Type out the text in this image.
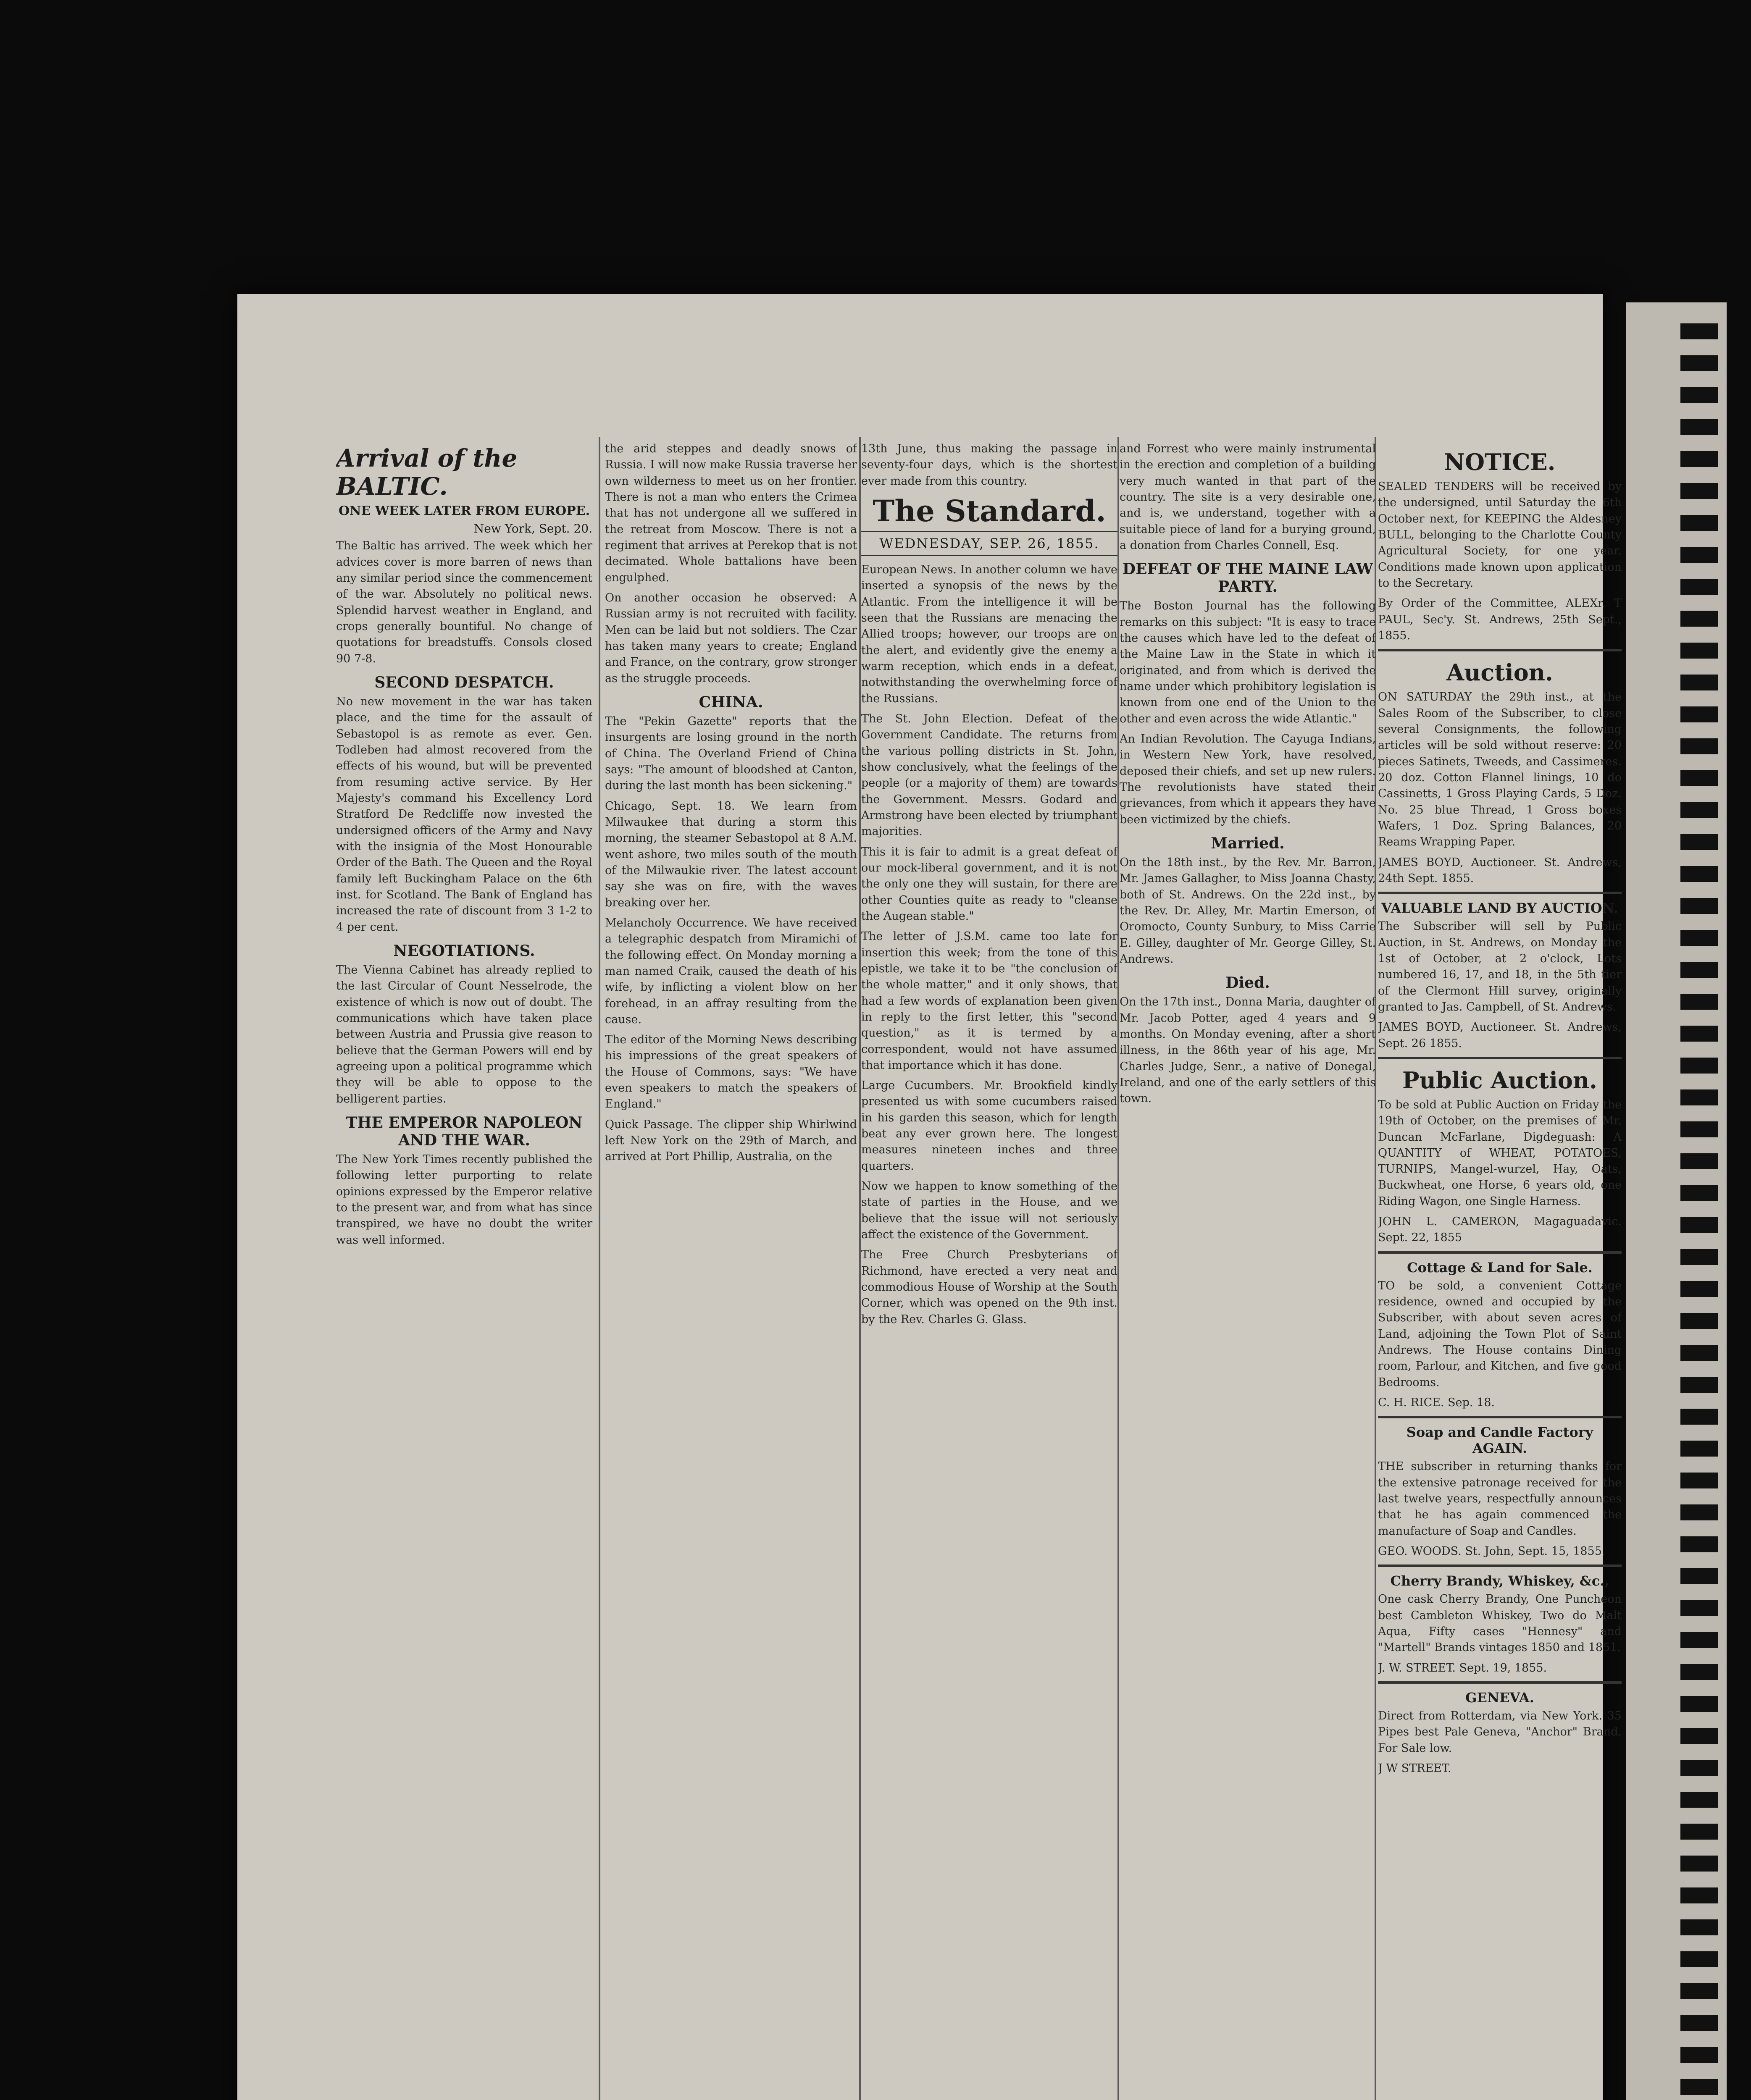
Arrival of the BALTIC.
ONE WEEK LATER FROM EUROPE.
New York, Sept. 20.

The Baltic has arrived. The week which her advices cover is more barren of news than any similar period since the commencement of the war. Absolutely no political news. Splendid harvest weather in England, and crops generally bountiful. No change of quotations for breadstuffs. Consols closed 90 7-8.

SECOND DESPATCH.

No new movement in the war has taken place, and the time for the assault of Sebastopol is as remote as ever. Gen. Todleben had almost recovered from the effects of his wound, but will be prevented from resuming active service. By Her Majesty's command his Excellency Lord Stratford De Redcliffe now invested the undersigned officers of the Army and Navy with the insignia of the Most Honourable Order of the Bath. The Queen and the Royal family left Buckingham Palace on the 6th inst. for Scotland. The Bank of England has increased the rate of discount from 3 1-2 to 4 per cent.

NEGOTIATIONS.

The Vienna Cabinet has already replied to the last Circular of Count Nesselrode, the existence of which is now out of doubt. The communications which have taken place between Austria and Prussia give reason to believe that the German Powers will end by agreeing upon a political programme which they will be able to oppose to the belligerent parties.

THE EMPEROR NAPOLEON AND THE WAR.

The New York Times recently published the following letter purporting to relate opinions expressed by the Emperor relative to the present war, and from what has since transpired, we have no doubt the writer was well informed.

the arid steppes and deadly snows of Russia. I will now make Russia traverse her own wilderness to meet us on her frontier. There is not a man who enters the Crimea that has not undergone all we suffered in the retreat from Moscow. There is not a regiment that arrives at Perekop that is not decimated. Whole battalions have been engulphed.

On another occasion he observed: A Russian army is not recruited with facility. Men can be laid but not soldiers. The Czar has taken many years to create; England and France, on the contrary, grow stronger as the struggle proceeds.

CHINA.

The "Pekin Gazette" reports that the insurgents are losing ground in the north of China. The Overland Friend of China says: "The amount of bloodshed at Canton, during the last month has been sickening."

Chicago, Sept. 18. We learn from Milwaukee that during a storm this morning, the steamer Sebastopol at 8 A.M. went ashore, two miles south of the mouth of the Milwaukie river. The latest account say she was on fire, with the waves breaking over her.

Melancholy Occurrence. We have received a telegraphic despatch from Miramichi of the following effect. On Monday morning a man named Craik, caused the death of his wife, by inflicting a violent blow on her forehead, in an affray resulting from the cause.

The editor of the Morning News describing his impressions of the great speakers of the House of Commons, says: "We have even speakers to match the speakers of England."

Quick Passage. The clipper ship Whirlwind left New York on the 29th of March, and arrived at Port Phillip, Australia, on the

13th June, thus making the passage in seventy-four days, which is the shortest ever made from this country.

The Standard.
WEDNESDAY, SEP. 26, 1855.

European News. In another column we have inserted a synopsis of the news by the Atlantic. From the intelligence it will be seen that the Russians are menacing the Allied troops; however, our troops are on the alert, and evidently give the enemy a warm reception, which ends in a defeat, notwithstanding the overwhelming force of the Russians.

The St. John Election. Defeat of the Government Candidate. The returns from the various polling districts in St. John, show conclusively, what the feelings of the people (or a majority of them) are towards the Government. Messrs. Godard and Armstrong have been elected by triumphant majorities.

This it is fair to admit is a great defeat of our mock-liberal government, and it is not the only one they will sustain, for there are other Counties quite as ready to "cleanse the Augean stable."

The letter of J.S.M. came too late for insertion this week; from the tone of this epistle, we take it to be "the conclusion of the whole matter," and it only shows, that had a few words of explanation been given in reply to the first letter, this "second question," as it is termed by a correspondent, would not have assumed that importance which it has done.

Large Cucumbers. Mr. Brookfield kindly presented us with some cucumbers raised in his garden this season, which for length beat any ever grown here. The longest measures nineteen inches and three quarters.

Now we happen to know something of the state of parties in the House, and we believe that the issue will not seriously affect the existence of the Government.

The Free Church Presbyterians of Richmond, have erected a very neat and commodious House of Worship at the South Corner, which was opened on the 9th inst. by the Rev. Charles G. Glass.

and Forrest who were mainly instrumental in the erection and completion of a building very much wanted in that part of the country. The site is a very desirable one, and is, we understand, together with a suitable piece of land for a burying ground, a donation from Charles Connell, Esq.

DEFEAT OF THE MAINE LAW PARTY.

The Boston Journal has the following remarks on this subject: "It is easy to trace the causes which have led to the defeat of the Maine Law in the State in which it originated, and from which is derived the name under which prohibitory legislation is known from one end of the Union to the other and even across the wide Atlantic."

An Indian Revolution. The Cayuga Indians, in Western New York, have resolved, deposed their chiefs, and set up new rulers. The revolutionists have stated their grievances, from which it appears they have been victimized by the chiefs.

Married.

On the 18th inst., by the Rev. Mr. Barron, Mr. James Gallagher, to Miss Joanna Chasty, both of St. Andrews. On the 22d inst., by the Rev. Dr. Alley, Mr. Martin Emerson, of Oromocto, County Sunbury, to Miss Carrie E. Gilley, daughter of Mr. George Gilley, St. Andrews.

Died.

On the 17th inst., Donna Maria, daughter of Mr. Jacob Potter, aged 4 years and 9 months. On Monday evening, after a short illness, in the 86th year of his age, Mr. Charles Judge, Senr., a native of Donegal, Ireland, and one of the early settlers of this town.

NOTICE.

SEALED TENDERS will be received by the undersigned, until Saturday the 6th October next, for KEEPING the Aldesney BULL, belonging to the Charlotte County Agricultural Society, for one year. Conditions made known upon application to the Secretary.

By Order of the Committee, ALEXr. T PAUL, Sec'y. St. Andrews, 25th Sept., 1855.

Auction.

ON SATURDAY the 29th inst., at the Sales Room of the Subscriber, to close several Consignments, the following articles will be sold without reserve: 20 pieces Satinets, Tweeds, and Cassimeres. 20 doz. Cotton Flannel linings, 10 do Cassinetts, 1 Gross Playing Cards, 5 Doz. No. 25 blue Thread, 1 Gross boxes Wafers, 1 Doz. Spring Balances, 20 Reams Wrapping Paper.

JAMES BOYD, Auctioneer. St. Andrews, 24th Sept. 1855.

VALUABLE LAND BY AUCTION.

The Subscriber will sell by Public Auction, in St. Andrews, on Monday the 1st of October, at 2 o'clock, Lots numbered 16, 17, and 18, in the 5th tier of the Clermont Hill survey, originally granted to Jas. Campbell, of St. Andrews.

JAMES BOYD, Auctioneer. St. Andrews, Sept. 26 1855.

Public Auction.

To be sold at Public Auction on Friday the 19th of October, on the premises of Mr. Duncan McFarlane, Digdeguash: A QUANTITY of WHEAT, POTATOES, TURNIPS, Mangel-wurzel, Hay, Oats, Buckwheat, one Horse, 6 years old, one Riding Wagon, one Single Harness.

JOHN L. CAMERON, Magaguadavic. Sept. 22, 1855

Cottage & Land for Sale.

TO be sold, a convenient Cottage residence, owned and occupied by the Subscriber, with about seven acres of Land, adjoining the Town Plot of Saint Andrews. The House contains Dining room, Parlour, and Kitchen, and five good Bedrooms.

C. H. RICE. Sep. 18.

Soap and Candle Factory AGAIN.

THE subscriber in returning thanks for the extensive patronage received for the last twelve years, respectfully announces that he has again commenced the manufacture of Soap and Candles.

GEO. WOODS. St. John, Sept. 15, 1855.

Cherry Brandy, Whiskey, &c.,

One cask Cherry Brandy, One Puncheon best Cambleton Whiskey, Two do Malt Aqua, Fifty cases "Hennesy" and "Martell" Brands vintages 1850 and 1851.

J. W. STREET. Sept. 19, 1855.

GENEVA.

Direct from Rotterdam, via New York. 35 Pipes best Pale Geneva, "Anchor" Brand. For Sale low.

J W STREET.
